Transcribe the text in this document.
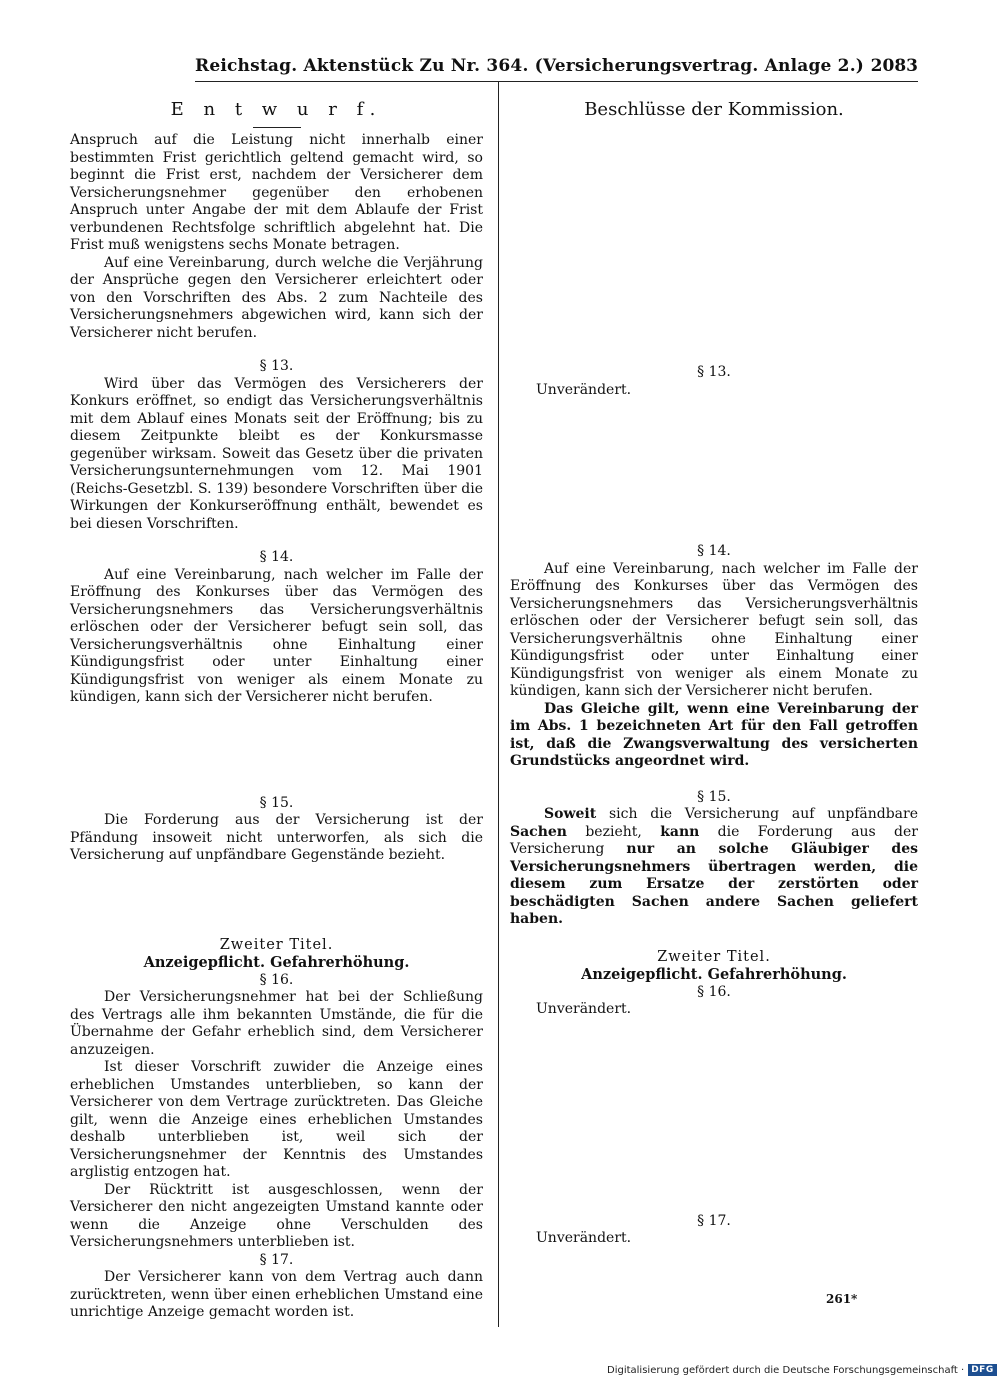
Reichstag. Aktenstück Zu Nr. 364. (Versicherungsvertrag. Anlage 2.) 2083
E n t w u r f.

Anspruch auf die Leistung nicht innerhalb einer bestimmten Frist gerichtlich geltend gemacht wird, so beginnt die Frist erst, nachdem der Versicherer dem Versicherungsnehmer gegenüber den erhobenen Anspruch unter Angabe der mit dem Ablaufe der Frist verbundenen Rechtsfolge schriftlich abgelehnt hat. Die Frist muß wenigstens sechs Monate betragen.

Auf eine Vereinbarung, durch welche die Verjährung der Ansprüche gegen den Versicherer erleichtert oder von den Vorschriften des Abs. 2 zum Nachteile des Versicherungsnehmers abgewichen wird, kann sich der Versicherer nicht berufen.

§ 13.

Wird über das Vermögen des Versicherers der Konkurs eröffnet, so endigt das Versicherungsverhältnis mit dem Ablauf eines Monats seit der Eröffnung; bis zu diesem Zeitpunkte bleibt es der Konkursmasse gegenüber wirksam. Soweit das Gesetz über die privaten Versicherungsunternehmungen vom 12. Mai 1901 (Reichs-Gesetzbl. S. 139) besondere Vorschriften über die Wirkungen der Konkurseröffnung enthält, bewendet es bei diesen Vorschriften.

§ 14.

Auf eine Vereinbarung, nach welcher im Falle der Eröffnung des Konkurses über das Vermögen des Versicherungsnehmers das Versicherungsverhältnis erlöschen oder der Versicherer befugt sein soll, das Versicherungsverhältnis ohne Einhaltung einer Kündigungsfrist oder unter Einhaltung einer Kündigungsfrist von weniger als einem Monate zu kündigen, kann sich der Versicherer nicht berufen.

§ 15.

Die Forderung aus der Versicherung ist der Pfändung insoweit nicht unterworfen, als sich die Versicherung auf unpfändbare Gegenstände bezieht.

Zweiter Titel.
Anzeigepflicht. Gefahrerhöhung.
§ 16.

Der Versicherungsnehmer hat bei der Schließung des Vertrags alle ihm bekannten Umstände, die für die Übernahme der Gefahr erheblich sind, dem Versicherer anzuzeigen.

Ist dieser Vorschrift zuwider die Anzeige eines erheblichen Umstandes unterblieben, so kann der Versicherer von dem Vertrage zurücktreten. Das Gleiche gilt, wenn die Anzeige eines erheblichen Umstandes deshalb unterblieben ist, weil sich der Versicherungsnehmer der Kenntnis des Umstandes arglistig entzogen hat.

Der Rücktritt ist ausgeschlossen, wenn der Versicherer den nicht angezeigten Umstand kannte oder wenn die Anzeige ohne Verschulden des Versicherungsnehmers unterblieben ist.

§ 17.

Der Versicherer kann von dem Vertrag auch dann zurücktreten, wenn über einen erheblichen Umstand eine unrichtige Anzeige gemacht worden ist.

Beschlüsse der Kommission.
§ 13.
Unverändert.
§ 14.

Auf eine Vereinbarung, nach welcher im Falle der Eröffnung des Konkurses über das Vermögen des Versicherungsnehmers das Versicherungsverhältnis erlöschen oder der Versicherer befugt sein soll, das Versicherungsverhältnis ohne Einhaltung einer Kündigungsfrist oder unter Einhaltung einer Kündigungsfrist von weniger als einem Monate zu kündigen, kann sich der Versicherer nicht berufen.

Das Gleiche gilt, wenn eine Vereinbarung der im Abs. 1 bezeichneten Art für den Fall getroffen ist, daß die Zwangsverwaltung des versicherten Grundstücks angeordnet wird.

§ 15.

Soweit sich die Versicherung auf unpfändbare Sachen bezieht, kann die Forderung aus der Versicherung nur an solche Gläubiger des Versicherungsnehmers übertragen werden, die diesem zum Ersatze der zerstörten oder beschädigten Sachen andere Sachen geliefert haben.

Zweiter Titel.
Anzeigepflicht. Gefahrerhöhung.
§ 16.
Unverändert.
§ 17.
Unverändert.
261*
Digitalisierung gefördert durch die Deutsche Forschungsgemeinschaft · DFG
